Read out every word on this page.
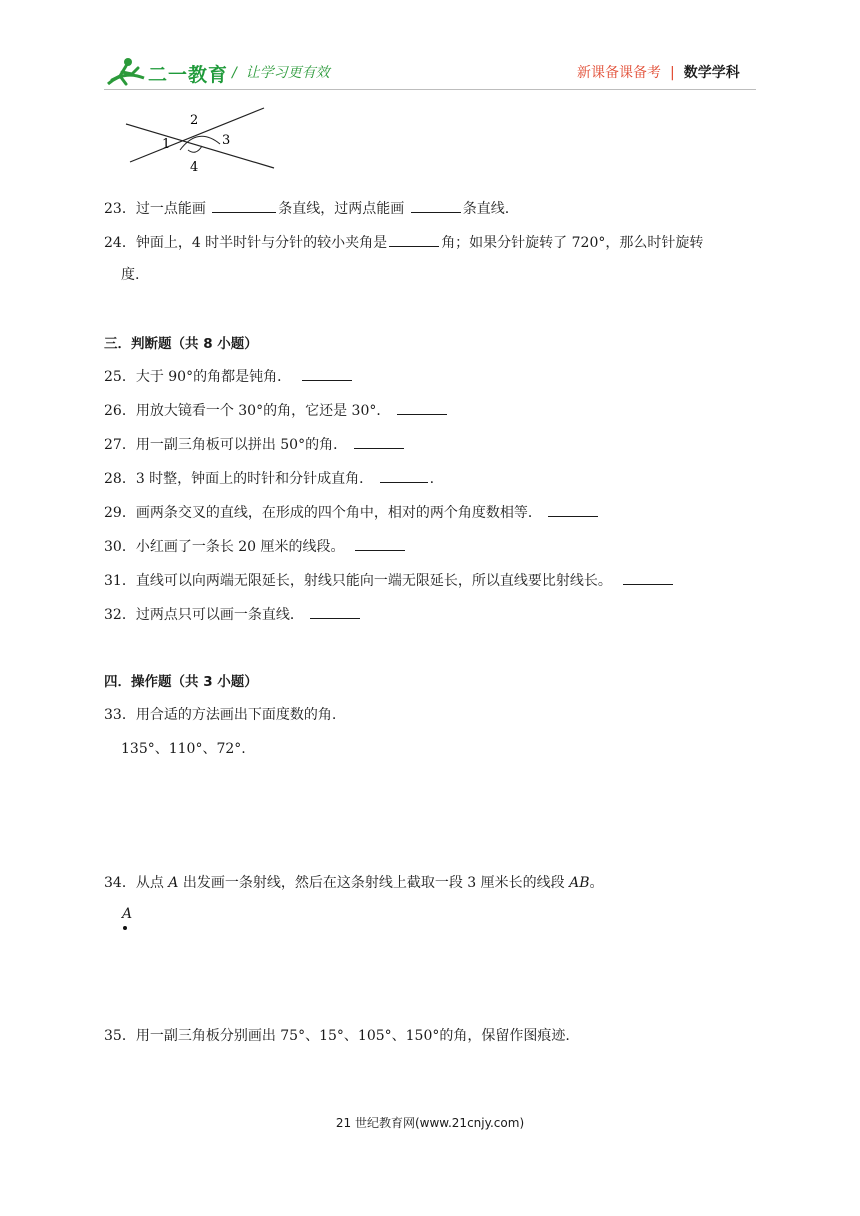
二一教育 /  让学习更有效	新课备课备考 | 数学学科
2
1	3
4
23．过一点能画	条直线，过两点能画	条直线.
24．钟面上，4 时半时针与分针的较小夹角是	角；如果分针旋转了 720°，那么时针旋转
度.
三．判断题（共 8 小题）
25．大于 90°的角都是钝角．
26．用放大镜看一个 30°的角，它还是 30°．
27．用一副三角板可以拼出 50°的角．
28．3 时整，钟面上的时针和分针成直角．	.
29．画两条交叉的直线，在形成的四个角中，相对的两个角度数相等．
30．小红画了一条长 20 厘米的线段。
31．直线可以向两端无限延长，射线只能向一端无限延长，所以直线要比射线长。
32．过两点只可以画一条直线．
四．操作题（共 3 小题）
33．用合适的方法画出下面度数的角.
135°、110°、72°.
34．从点 A 出发画一条射线，然后在这条射线上截取一段 3 厘米长的线段 AB。
A
35．用一副三角板分别画出 75°、15°、105°、150°的角，保留作图痕迹.
21 世纪教育网(www.21cnjy.com)
